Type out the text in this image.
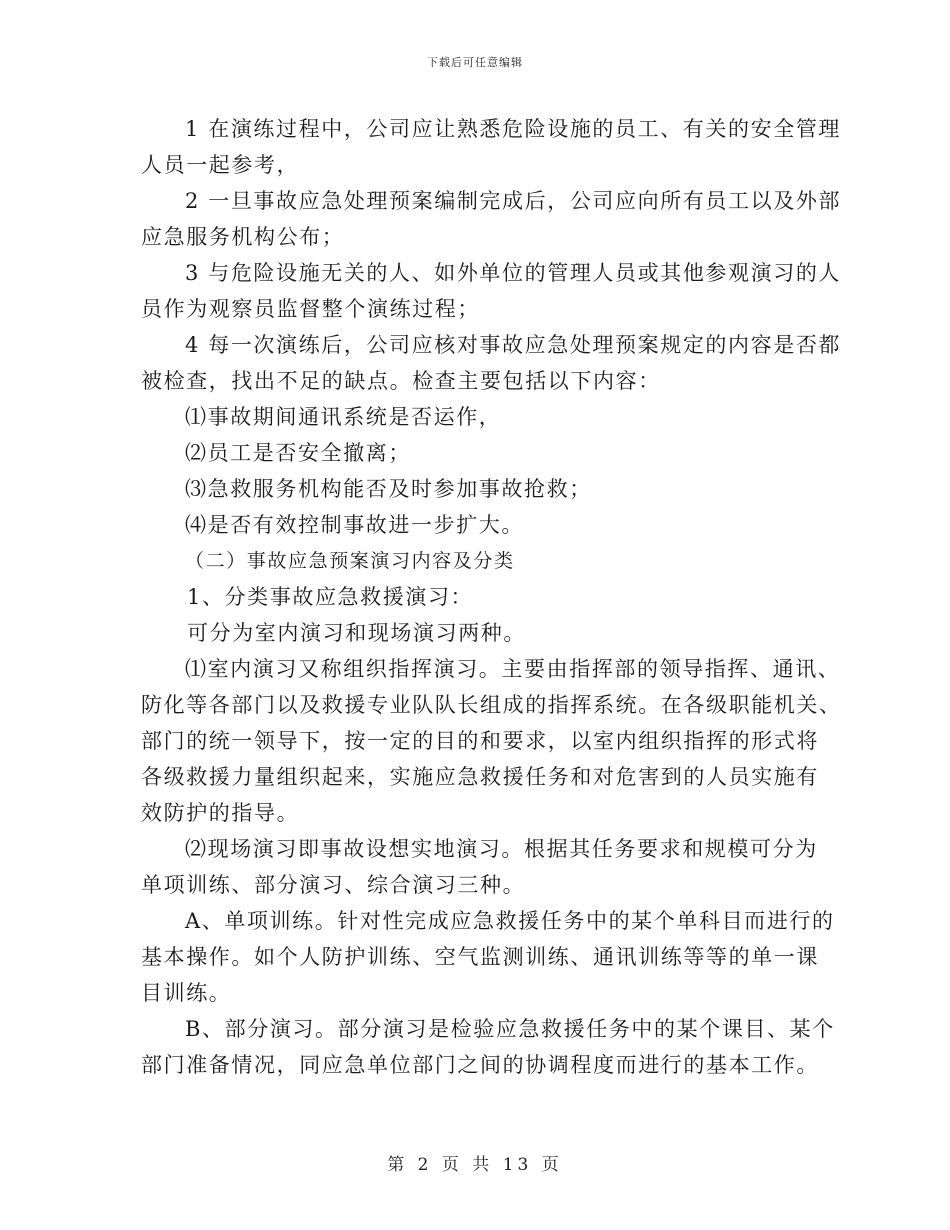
下载后可任意编辑
1 在演练过程中，公司应让熟悉危险设施的员工、有关的安全管理
人员一起参考，
2 一旦事故应急处理预案编制完成后，公司应向所有员工以及外部
应急服务机构公布；
3 与危险设施无关的人、如外单位的管理人员或其他参观演习的人
员作为观察员监督整个演练过程；
4 每一次演练后，公司应核对事故应急处理预案规定的内容是否都
被检查，找出不足的缺点。检查主要包括以下内容：
⑴事故期间通讯系统是否运作，
⑵员工是否安全撤离；
⑶急救服务机构能否及时参加事故抢救；
⑷是否有效控制事故进一步扩大。
（二）事故应急预案演习内容及分类
1、分类事故应急救援演习：
可分为室内演习和现场演习两种。
⑴室内演习又称组织指挥演习。主要由指挥部的领导指挥、通讯、
防化等各部门以及救援专业队队长组成的指挥系统。在各级职能机关、
部门的统一领导下，按一定的目的和要求，以室内组织指挥的形式将
各级救援力量组织起来，实施应急救援任务和对危害到的人员实施有
效防护的指导。
⑵现场演习即事故设想实地演习。根据其任务要求和规模可分为
单项训练、部分演习、综合演习三种。
A、单项训练。针对性完成应急救援任务中的某个单科目而进行的
基本操作。如个人防护训练、空气监测训练、通讯训练等等的单一课
目训练。
B、部分演习。部分演习是检验应急救援任务中的某个课目、某个
部门准备情况，同应急单位部门之间的协调程度而进行的基本工作。
第 2 页 共 13 页
